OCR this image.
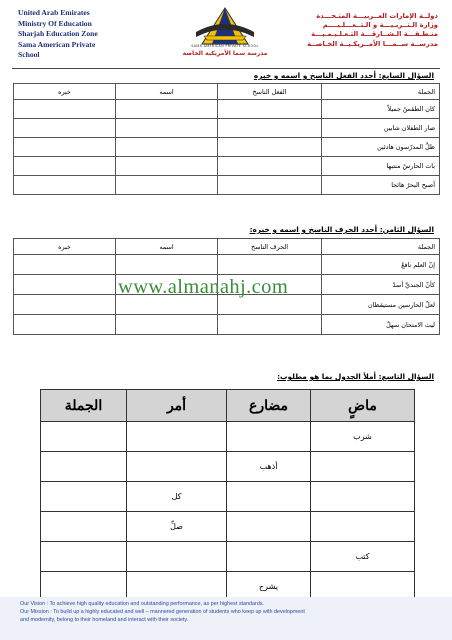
United Arab Emirates
Ministry Of Education
Sharjah Education Zone
Sama American Private
School
SAMA AMERICAN PRIVATE SCHOOL
مدرسة سما الأمريكية الخاصة
دولــة الإمارات العــربيـــة المتـحـــدة
وزارة الـتــربـيـــة و الـتــعـــلـيــــم
منـطـقـــة الـشــارقـــة التـعـلـيـمـيـــة
مدرســة ســمـــا الأمــريكـيــة الخـاصــة
السؤال السابع: أحدد الفعل الناسخ و اسمه و خبره
خبره	اسمه	الفعل الناسخ	الجملة
			كان الطقسُ جميلاً
			صار الطفلان شابين
			ظلَّ المدرّسون هادئين
			بات الحارسُ منتبها
			أصبح البحرُ هائجا
السؤال الثامن: أحدد الحرف الناسخ و اسمه و خبره:
خبره	اسمه	الحرف الناسخ	الجملة
			إنّ العلم نافعٌ
			كأنّ الجنديَّ أسدٌ
			لعلّ الحارسين مستيقظان
			ليت الامتحان سهلٌ
www.almanahj.com
السؤال التاسع: أملأ الجدول بما هو مطلوب:
الجملة	أمر	مضارع	ماضٍ
			شرب
		أذهب	
	كل		
	صلِّ		
			كتب
		يشرح	
Our Vision : To achieve high quality education and outstanding performance, as per highest standards.
Our Mission : To build up a highly educated and well – mannered generation of students who keep up with development
and modernity, belong to their homeland and interact with their society.
